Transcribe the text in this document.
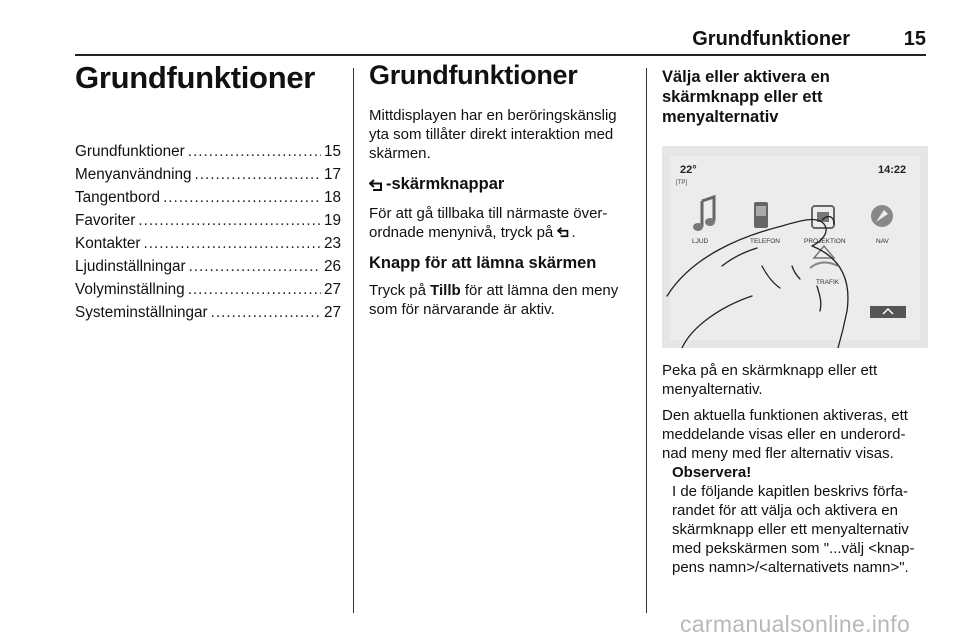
Grundfunktioner	15
Grundfunktioner
Grundfunktioner .....	15
Menyanvändning .....	17
Tangentbord .....	18
Favoriter .....	19
Kontakter .....	23
Ljudinställningar .....	26
Volyminställning .....	27
Systeminställningar .....	27
Grundfunktioner

Mittdisplayen har en beröringskänslig yta som tillåter direkt interaktion med skärmen.

-skärmknappar

För att gå tillbaka till närmaste över-ordnade menynivå, tryck på .

Knapp för att lämna skärmen

Tryck på Tillb för att lämna den meny som för närvarande är aktiv.

Välja eller aktivera en
skärmknapp eller ett
menyalternativ
22°
[TP]
14:22
LJUD	TELEFON	PROJEKTION	NAV
TRAFIK

Peka på en skärmknapp eller ett menyalternativ.

Den aktuella funktionen aktiveras, ett meddelande visas eller en underord-nad meny med fler alternativ visas.

Observera!

I de följande kapitlen beskrivs förfa-randet för att välja och aktivera en skärmknapp eller ett menyalternativ med pekskärmen som "...välj <knap-pens namn>/<alternativets namn>".

carmanualsonline.info
